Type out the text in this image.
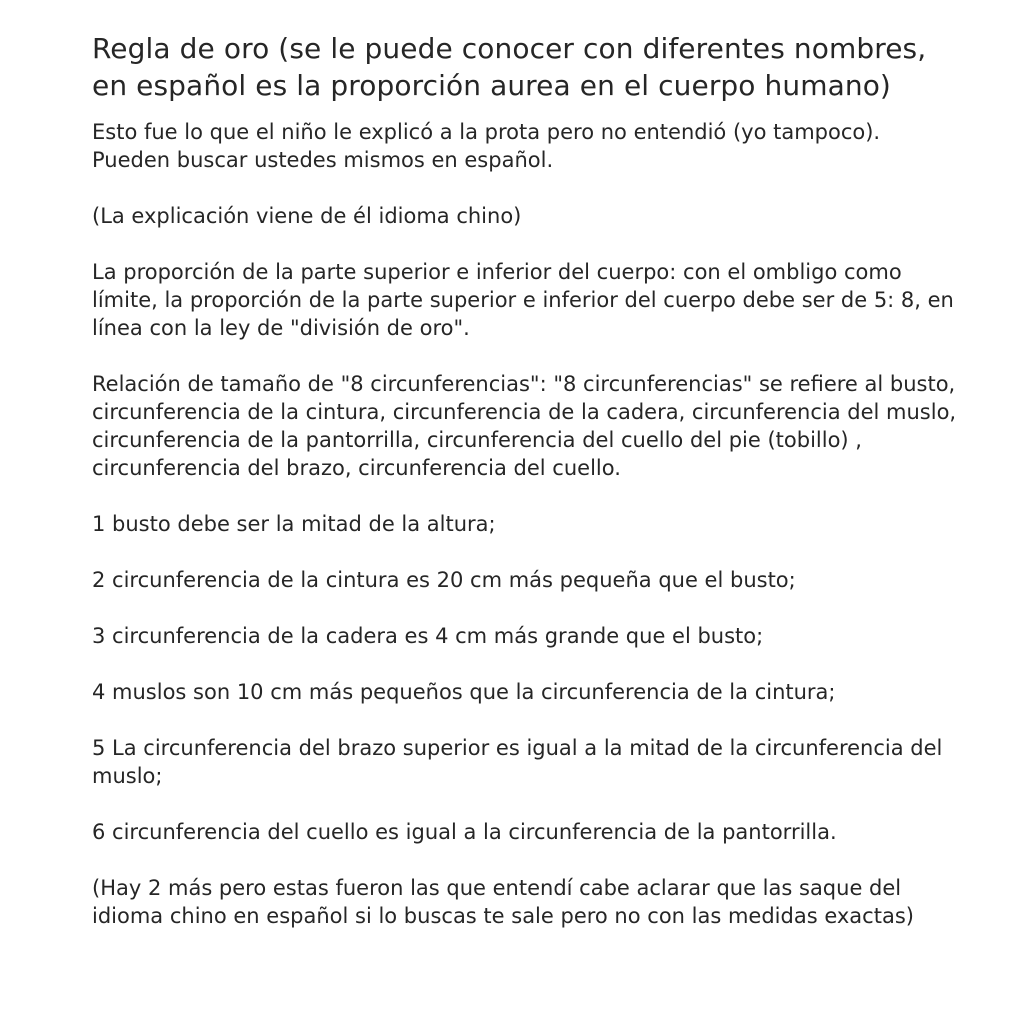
Regla de oro (se le puede conocer con diferentes nombres, en español es la proporción aurea en el cuerpo humano)

Esto fue lo que el niño le explicó a la prota pero no entendió (yo tampoco). Pueden buscar ustedes mismos en español.

(La explicación viene de él idioma chino)

La proporción de la parte superior e inferior del cuerpo: con el ombligo como límite, la proporción de la parte superior e inferior del cuerpo debe ser de 5: 8, en línea con la ley de "división de oro".

Relación de tamaño de "8 circunferencias": "8 circunferencias" se refiere al busto, circunferencia de la cintura, circunferencia de la cadera, circunferencia del muslo, circunferencia de la pantorrilla, circunferencia del cuello del pie (tobillo) , circunferencia del brazo, circunferencia del cuello.

1 busto debe ser la mitad de la altura;

2 circunferencia de la cintura es 20 cm más pequeña que el busto;

3 circunferencia de la cadera es 4 cm más grande que el busto;

4 muslos son 10 cm más pequeños que la circunferencia de la cintura;

5 La circunferencia del brazo superior es igual a la mitad de la circunferencia del muslo;

6 circunferencia del cuello es igual a la circunferencia de la pantorrilla.

(Hay 2 más pero estas fueron las que entendí cabe aclarar que las saque del idioma chino en español si lo buscas te sale pero no con las medidas exactas)
